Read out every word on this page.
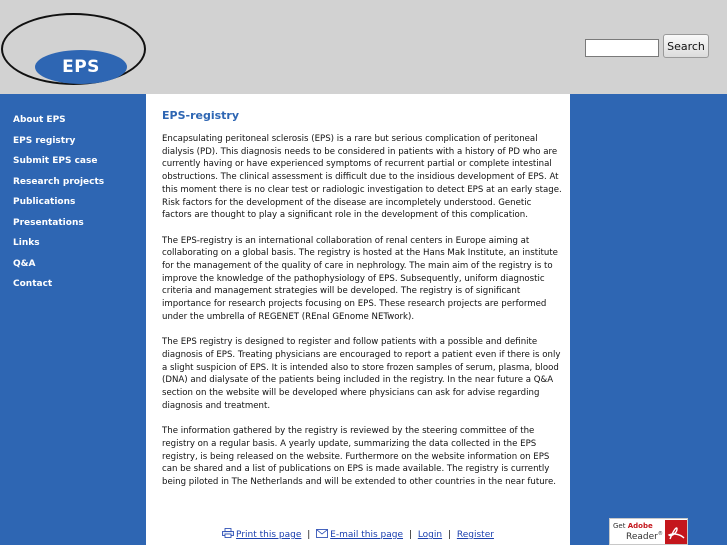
EPS
Search
About EPS
EPS registry
Submit EPS case
Research projects
Publications
Presentations
Links
Q&A
Contact
EPS-registry

Encapsulating peritoneal sclerosis (EPS) is a rare but serious complication of peritoneal dialysis (PD). This diagnosis needs to be considered in patients with a history of PD who are currently having or have experienced symptoms of recurrent partial or complete intestinal obstructions. The clinical assessment is difficult due to the insidious development of EPS. At this moment there is no clear test or radiologic investigation to detect EPS at an early stage. Risk factors for the development of the disease are incompletely understood. Genetic factors are thought to play a significant role in the development of this complication.

The EPS-registry is an international collaboration of renal centers in Europe aiming at collaborating on a global basis. The registry is hosted at the Hans Mak Institute, an institute for the management of the quality of care in nephrology. The main aim of the registry is to improve the knowledge of the pathophysiology of EPS. Subsequently, uniform diagnostic criteria and management strategies will be developed. The registry is of significant importance for research projects focusing on EPS. These research projects are performed under the umbrella of REGENET (REnal GEnome NETwork).

The EPS registry is designed to register and follow patients with a possible and definite diagnosis of EPS. Treating physicians are encouraged to report a patient even if there is only a slight suspicion of EPS. It is intended also to store frozen samples of serum, plasma, blood (DNA) and dialysate of the patients being included in the registry. In the near future a Q&A section on the website will be developed where physicians can ask for advise regarding diagnosis and treatment.

The information gathered by the registry is reviewed by the steering committee of the registry on a regular basis. A yearly update, summarizing the data collected in the EPS registry, is being released on the website. Furthermore on the website information on EPS can be shared and a list of publications on EPS is made available. The registry is currently being piloted in The Netherlands and will be extended to other countries in the near future.

Print this page | E-mail this page | Login | Register
Get Adobe
Reader®
